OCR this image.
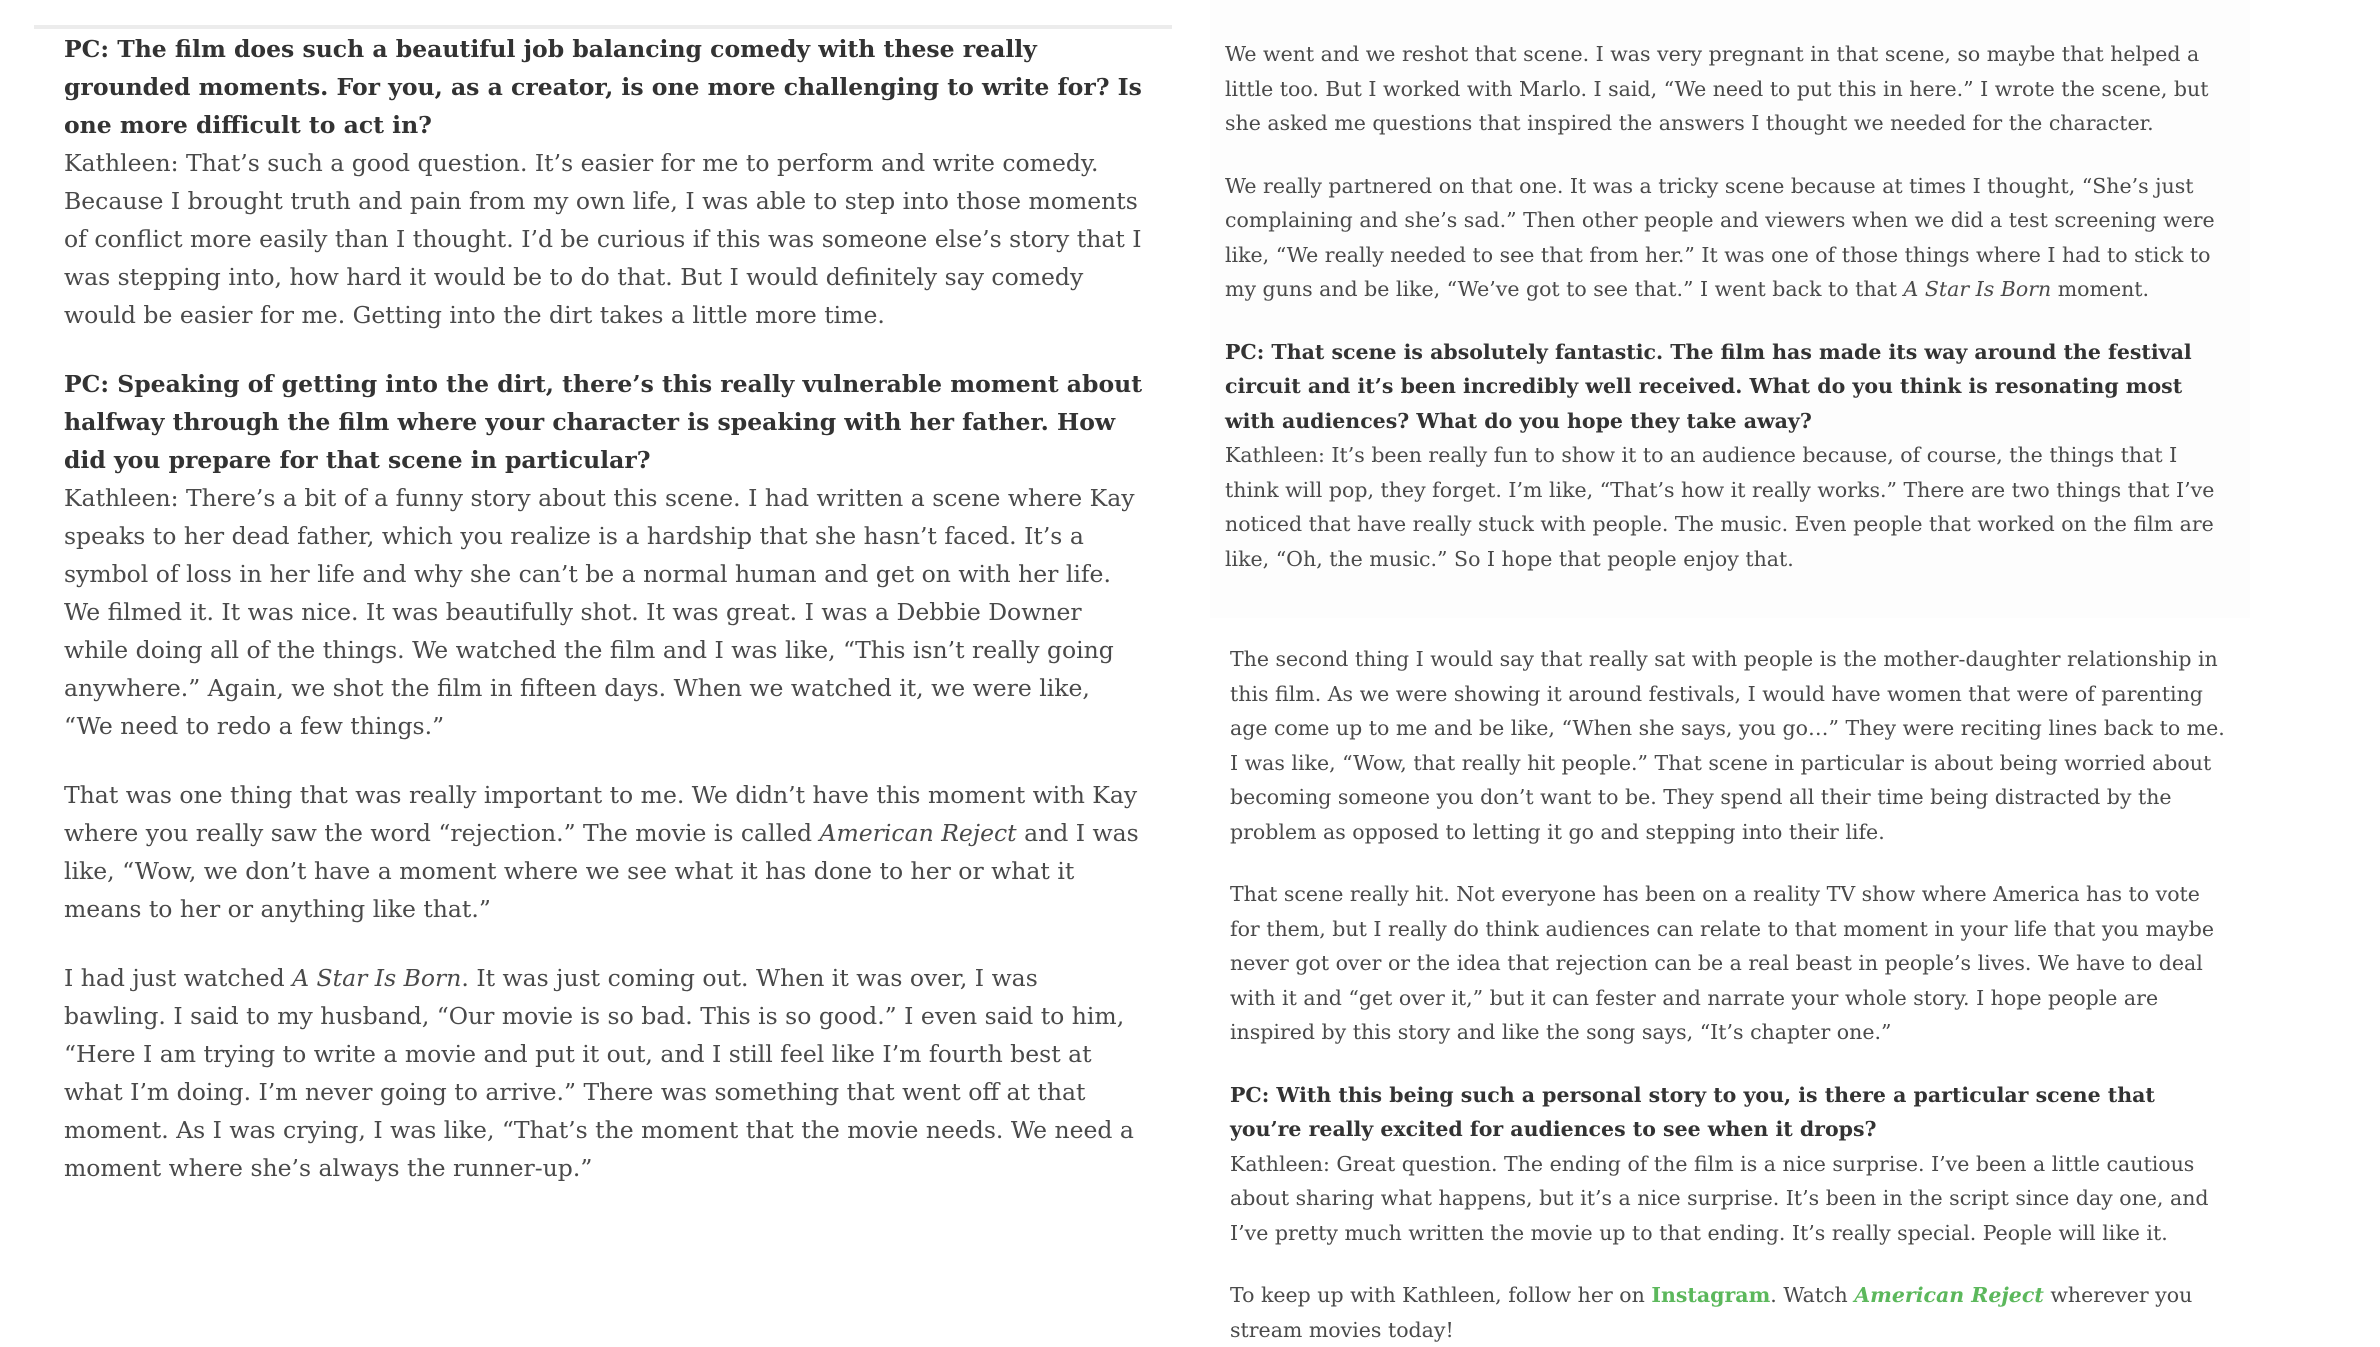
PC: The film does such a beautiful job balancing comedy with these really grounded moments. For you, as a creator, is one more challenging to write for? Is one more difficult to act in?

Kathleen: That’s such a good question. It’s easier for me to perform and write comedy. Because I brought truth and pain from my own life, I was able to step into those moments of conflict more easily than I thought. I’d be curious if this was someone else’s story that I was stepping into, how hard it would be to do that. But I would definitely say comedy would be easier for me. Getting into the dirt takes a little more time.

PC: Speaking of getting into the dirt, there’s this really vulnerable moment about halfway through the film where your character is speaking with her father. How did you prepare for that scene in particular?

Kathleen: There’s a bit of a funny story about this scene. I had written a scene where Kay speaks to her dead father, which you realize is a hardship that she hasn’t faced. It’s a symbol of loss in her life and why she can’t be a normal human and get on with her life. We filmed it. It was nice. It was beautifully shot. It was great. I was a Debbie Downer while doing all of the things. We watched the film and I was like, “This isn’t really going anywhere.” Again, we shot the film in fifteen days. When we watched it, we were like, “We need to redo a few things.”

That was one thing that was really important to me. We didn’t have this moment with Kay where you really saw the word “rejection.” The movie is called American Reject and I was like, “Wow, we don’t have a moment where we see what it has done to her or what it means to her or anything like that.”

I had just watched A Star Is Born. It was just coming out. When it was over, I was bawling. I said to my husband, “Our movie is so bad. This is so good.” I even said to him, “Here I am trying to write a movie and put it out, and I still feel like I’m fourth best at what I’m doing. I’m never going to arrive.” There was something that went off at that moment. As I was crying, I was like, “That’s the moment that the movie needs. We need a moment where she’s always the runner-up.”

We went and we reshot that scene. I was very pregnant in that scene, so maybe that helped a little too. But I worked with Marlo. I said, “We need to put this in here.” I wrote the scene, but she asked me questions that inspired the answers I thought we needed for the character.

We really partnered on that one. It was a tricky scene because at times I thought, “She’s just complaining and she’s sad.” Then other people and viewers when we did a test screening were like, “We really needed to see that from her.” It was one of those things where I had to stick to my guns and be like, “We’ve got to see that.” I went back to that A Star Is Born moment.

PC: That scene is absolutely fantastic. The film has made its way around the festival circuit and it’s been incredibly well received. What do you think is resonating most with audiences? What do you hope they take away?

Kathleen: It’s been really fun to show it to an audience because, of course, the things that I think will pop, they forget. I’m like, “That’s how it really works.” There are two things that I’ve noticed that have really stuck with people. The music. Even people that worked on the film are like, “Oh, the music.” So I hope that people enjoy that.

The second thing I would say that really sat with people is the mother-daughter relationship in this film. As we were showing it around festivals, I would have women that were of parenting age come up to me and be like, “When she says, you go…” They were reciting lines back to me. I was like, “Wow, that really hit people.” That scene in particular is about being worried about becoming someone you don’t want to be. They spend all their time being distracted by the problem as opposed to letting it go and stepping into their life.

That scene really hit. Not everyone has been on a reality TV show where America has to vote for them, but I really do think audiences can relate to that moment in your life that you maybe never got over or the idea that rejection can be a real beast in people’s lives. We have to deal with it and “get over it,” but it can fester and narrate your whole story. I hope people are inspired by this story and like the song says, “It’s chapter one.”

PC: With this being such a personal story to you, is there a particular scene that you’re really excited for audiences to see when it drops?

Kathleen: Great question. The ending of the film is a nice surprise. I’ve been a little cautious about sharing what happens, but it’s a nice surprise. It’s been in the script since day one, and I’ve pretty much written the movie up to that ending. It’s really special. People will like it.

To keep up with Kathleen, follow her on Instagram. Watch American Reject wherever you stream movies today!
